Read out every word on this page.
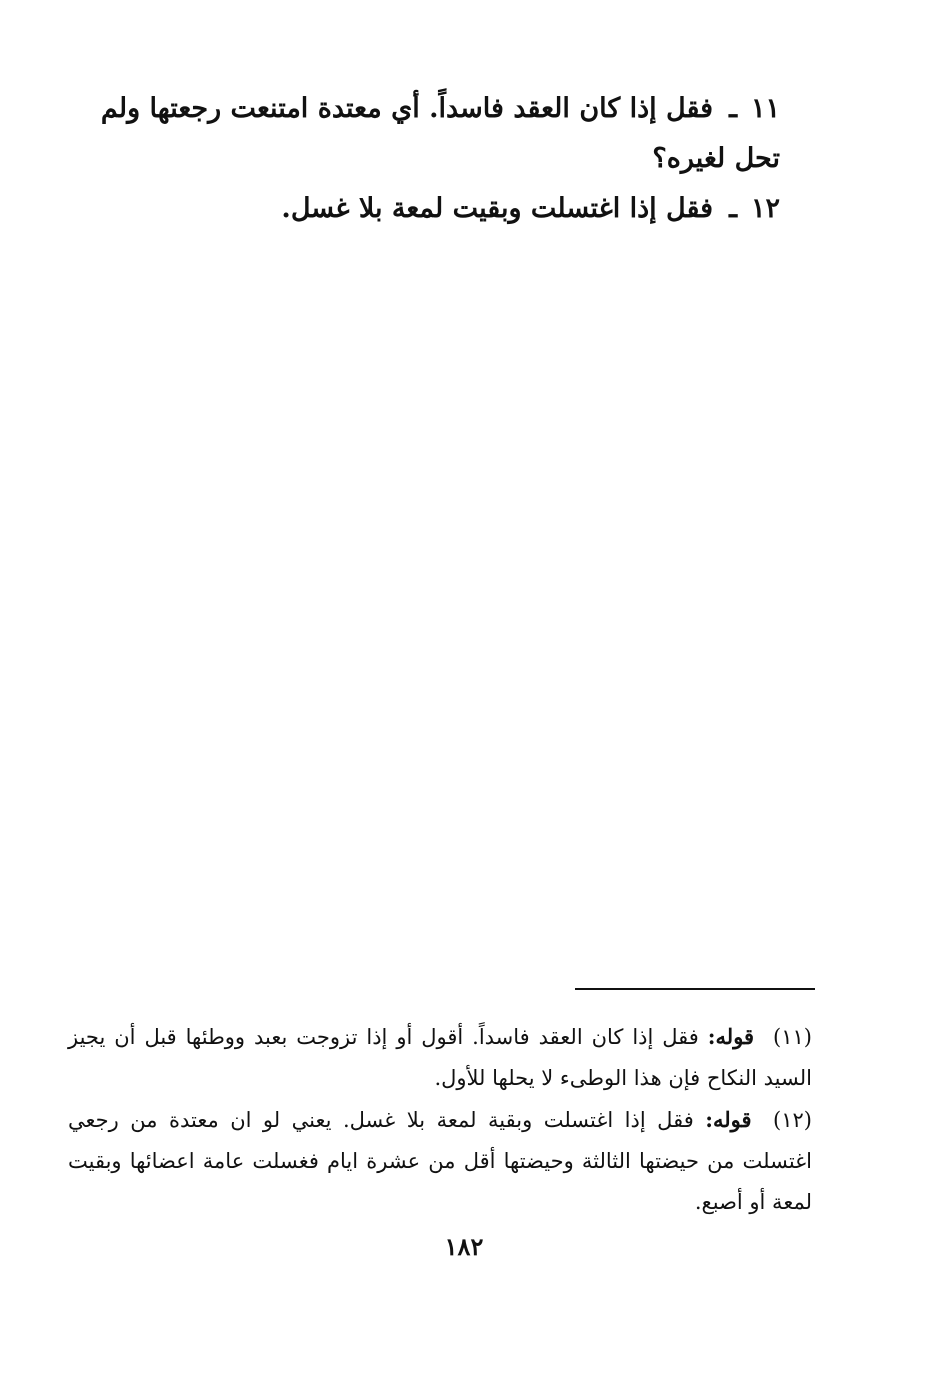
١١ـفقل إذا كان العقد فاسداً. أي معتدة امتنعت رجعتها ولم تحل لغيره؟

١٢ـفقل إذا اغتسلت وبقيت لمعة بلا غسل.

(١١) قوله: فقل إذا كان العقد فاسداً. أقول أو إذا تزوجت بعبد ووطئها قبل أن يجيز السيد النكاح فإن هذا الوطىء لا يحلها للأول.

(١٢) قوله: فقل إذا اغتسلت وبقية لمعة بلا غسل. يعني لو ان معتدة من رجعي اغتسلت من حيضتها الثالثة وحيضتها أقل من عشرة ايام فغسلت عامة اعضائها وبقيت لمعة أو أصبع.

١٨٢
